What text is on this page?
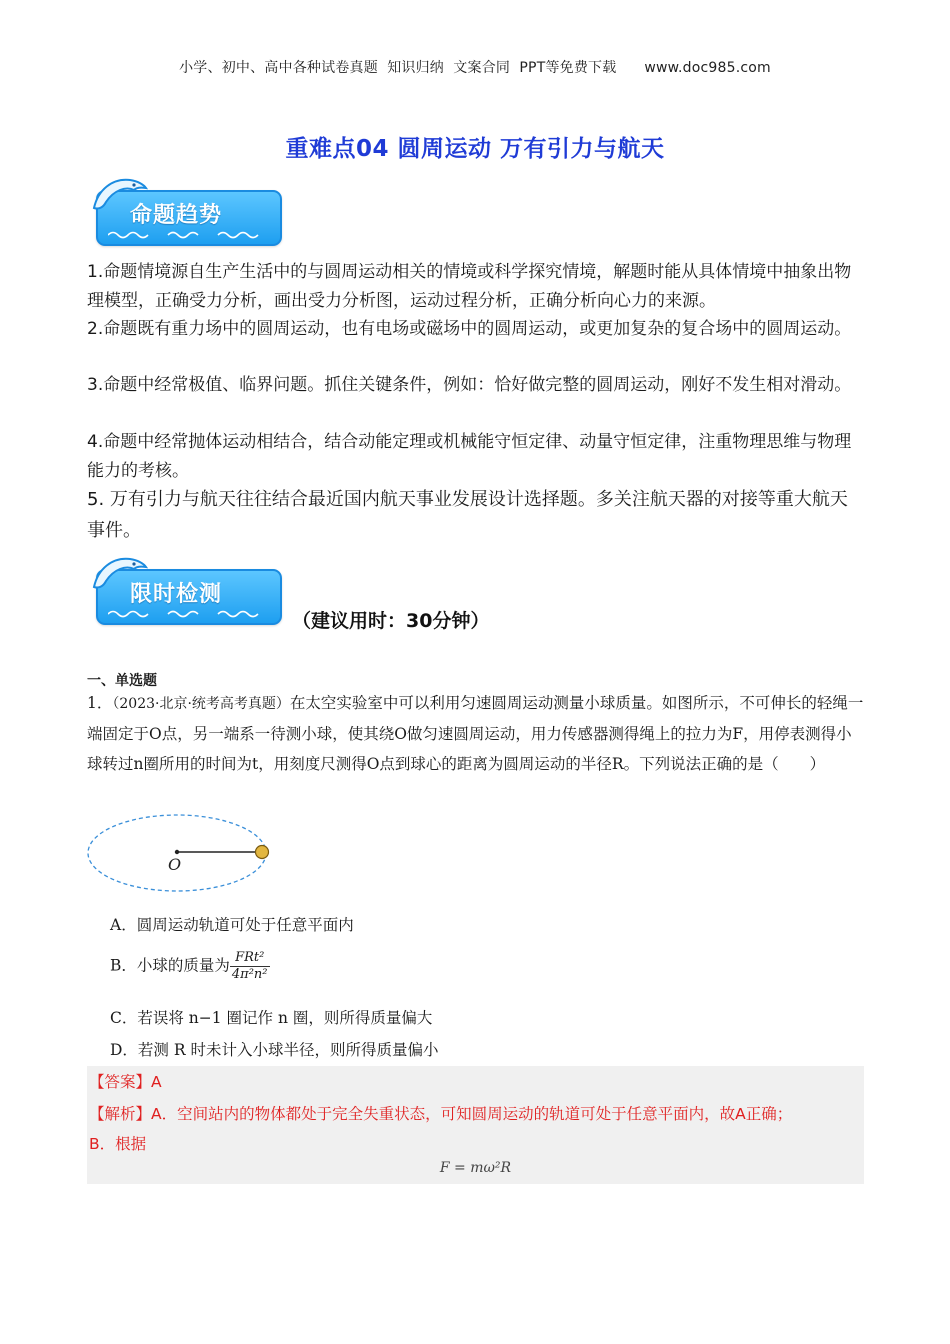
小学、初中、高中各种试卷真题  知识归纳  文案合同  PPT等免费下载      www.doc985.com
重难点04 圆周运动 万有引力与航天
命题趋势
1.命题情境源自生产生活中的与圆周运动相关的情境或科学探究情境，解题时能从具体情境中抽象出物理模型，正确受力分析，画出受力分析图，运动过程分析，正确分析向心力的来源。
2.命题既有重力场中的圆周运动，也有电场或磁场中的圆周运动，或更加复杂的复合场中的圆周运动。
3.命题中经常极值、临界问题。抓住关键条件，例如：恰好做完整的圆周运动，刚好不发生相对滑动。
4.命题中经常抛体运动相结合，结合动能定理或机械能守恒定律、动量守恒定律，注重物理思维与物理能力的考核。
5. 万有引力与航天往往结合最近国内航天事业发展设计选择题。多关注航天器的对接等重大航天事件。
限时检测
（建议用时：30分钟）
一、单选题
1．（2023·北京·统考高考真题）在太空实验室中可以利用匀速圆周运动测量小球质量。如图所示，不可伸长的轻绳一端固定于O点，另一端系一待测小球，使其绕O做匀速圆周运动，用力传感器测得绳上的拉力为F，用停表测得小球转过n圈所用的时间为t，用刻度尺测得O点到球心的距离为圆周运动的半径R。下列说法正确的是（　　）
O
A．圆周运动轨道可处于任意平面内
B．小球的质量为 $\frac{\text{FRt²}}{\text{4π²n²}}$
C．若误将 n−1 圈记作 n 圈，则所得质量偏大
D．若测 R 时未计入小球半径，则所得质量偏小
【答案】A
【解析】A．空间站内的物体都处于完全失重状态，可知圆周运动的轨道可处于任意平面内，故A正确；
B．根据
F = mω²R
